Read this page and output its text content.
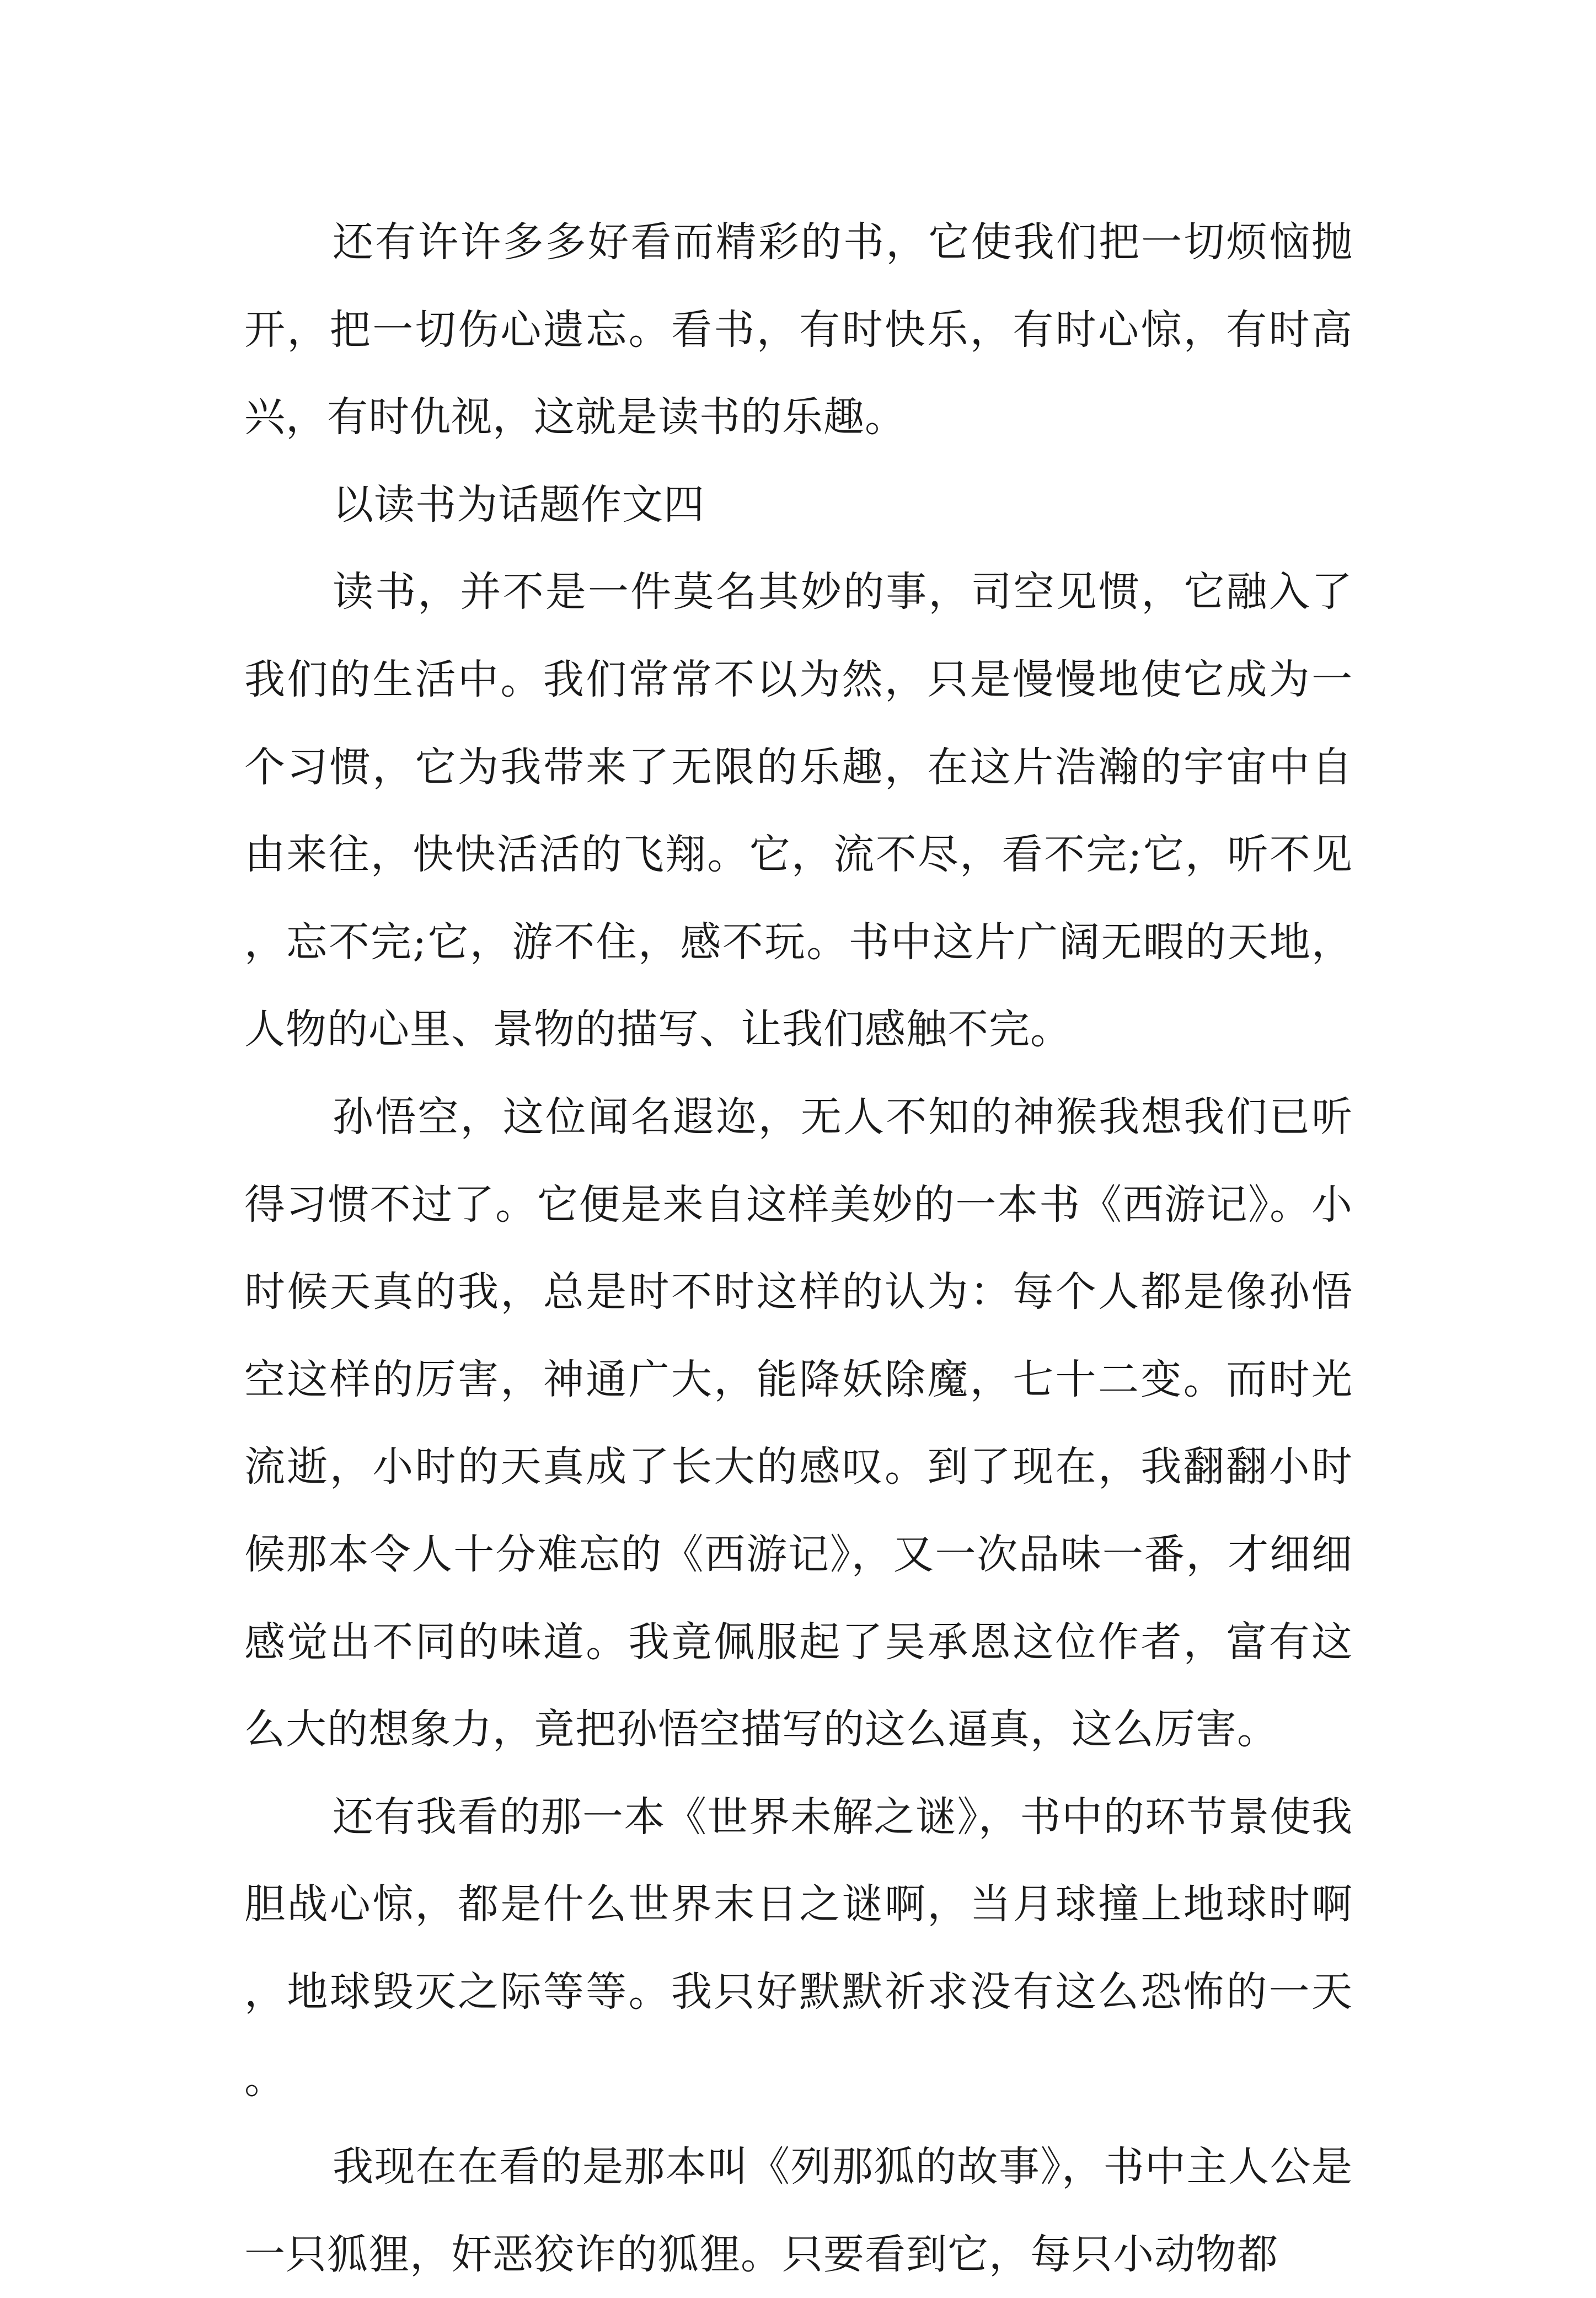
还有许许多多好看而精彩的书，它使我们把一切烦恼抛开，把一切伤心遗忘。看书，有时快乐，有时心惊，有时高兴，有时仇视，这就是读书的乐趣。

以读书为话题作文四

读书，并不是一件莫名其妙的事，司空见惯，它融入了我们的生活中。我们常常不以为然，只是慢慢地使它成为一个习惯，它为我带来了无限的乐趣，在这片浩瀚的宇宙中自由来往，快快活活的飞翔。它，流不尽，看不完;它，听不见，忘不完;它，游不住，感不玩。书中这片广阔无暇的天地，人物的心里、景物的描写、让我们感触不完。

孙悟空，这位闻名遐迩，无人不知的神猴我想我们已听得习惯不过了。它便是来自这样美妙的一本书《西游记》。小时候天真的我，总是时不时这样的认为：每个人都是像孙悟空这样的厉害，神通广大，能降妖除魔，七十二变。而时光流逝，小时的天真成了长大的感叹。到了现在，我翻翻小时候那本令人十分难忘的《西游记》，又一次品味一番，才细细感觉出不同的味道。我竟佩服起了吴承恩这位作者，富有这么大的想象力，竟把孙悟空描写的这么逼真，这么厉害。

还有我看的那一本《世界未解之谜》，书中的环节景使我胆战心惊，都是什么世界末日之谜啊，当月球撞上地球时啊，地球毁灭之际等等。我只好默默祈求没有这么恐怖的一天。

我现在在看的是那本叫《列那狐的故事》，书中主人公是一只狐狸，奸恶狡诈的狐狸。只要看到它，每只小动物都
